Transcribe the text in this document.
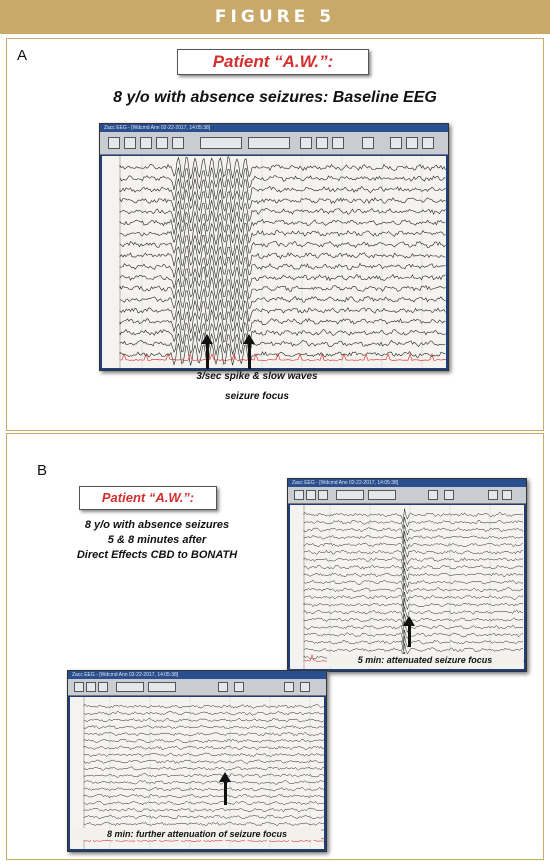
FIGURE 5
A	Patient “A.W.”:
8 y/o with absence seizures: Baseline EEG
Zacc EEG - [Wdcmd Ann 02-22-2017, 14:05:38]
3/sec spike & slow waves
seizure focus
B
Patient “A.W.”:
8 y/o with absence seizures
5 & 8 minutes after
Direct Effects CBD to BONATH
Zacc EEG - [Wdcmd Ann 02-22-2017, 14:05:38]
5 min: attenuated seizure focus
Zacc EEG - [Wdcmd Ann 02-22-2017, 14:05:38]
8 min: further attenuation of seizure focus
